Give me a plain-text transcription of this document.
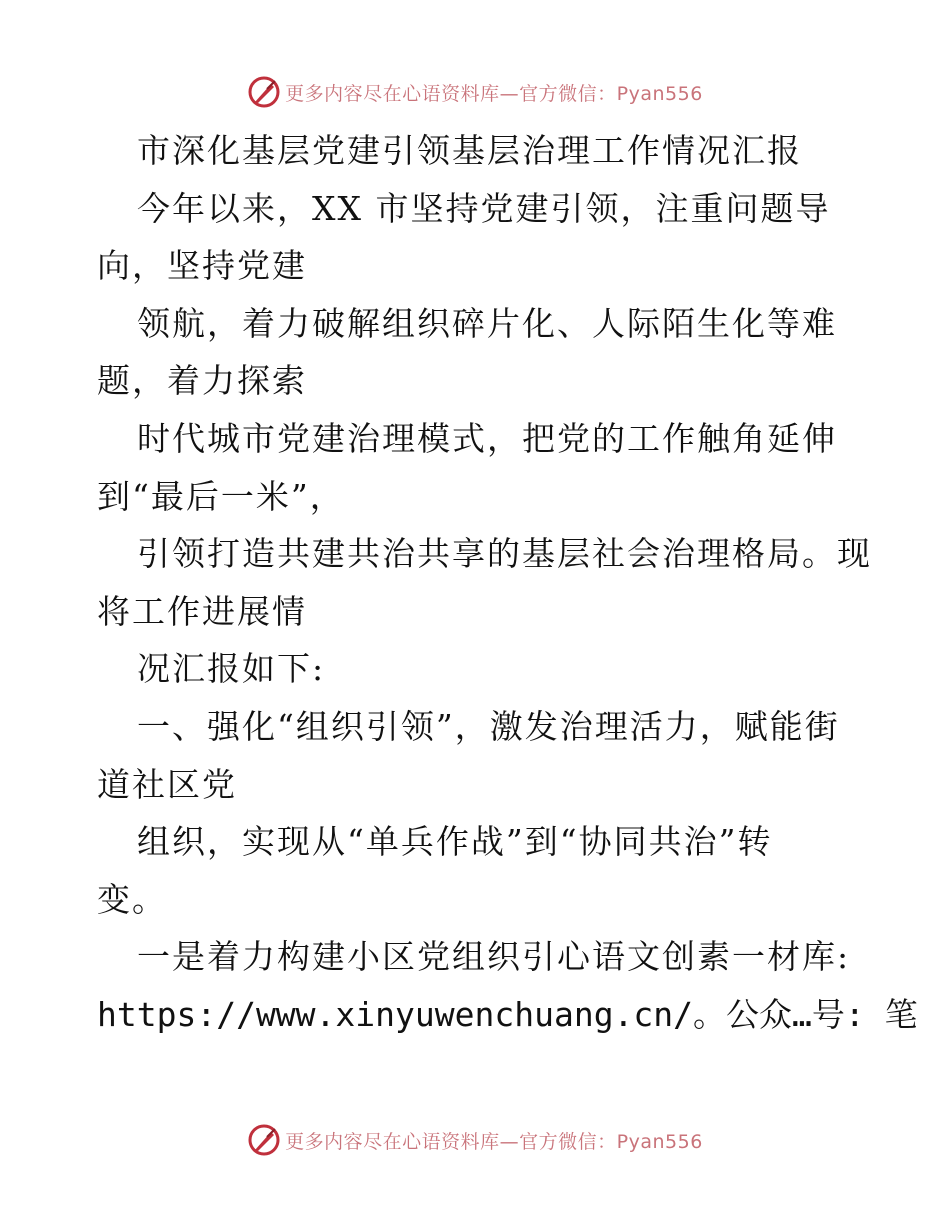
更多内容尽在心语资料库—官方微信：Pyan556
市深化基层党建引领基层治理工作情况汇报
今年以来，XX 市坚持党建引领，注重问题导
向，坚持党建
领航，着力破解组织碎片化、人际陌生化等难
题，着力探索
时代城市党建治理模式，把党的工作触角延伸
到“最后一米”，
引领打造共建共治共享的基层社会治理格局。现
将工作进展情
况汇报如下:
一、强化“组织引领”，激发治理活力，赋能街
道社区党
组织，实现从“单兵作战”到“协同共治”转
变。
一是着力构建小区党组织引心语文创素一材库:
https://www.xinyuwenchuang.cn/。公众…号: 笔
更多内容尽在心语资料库—官方微信：Pyan556
